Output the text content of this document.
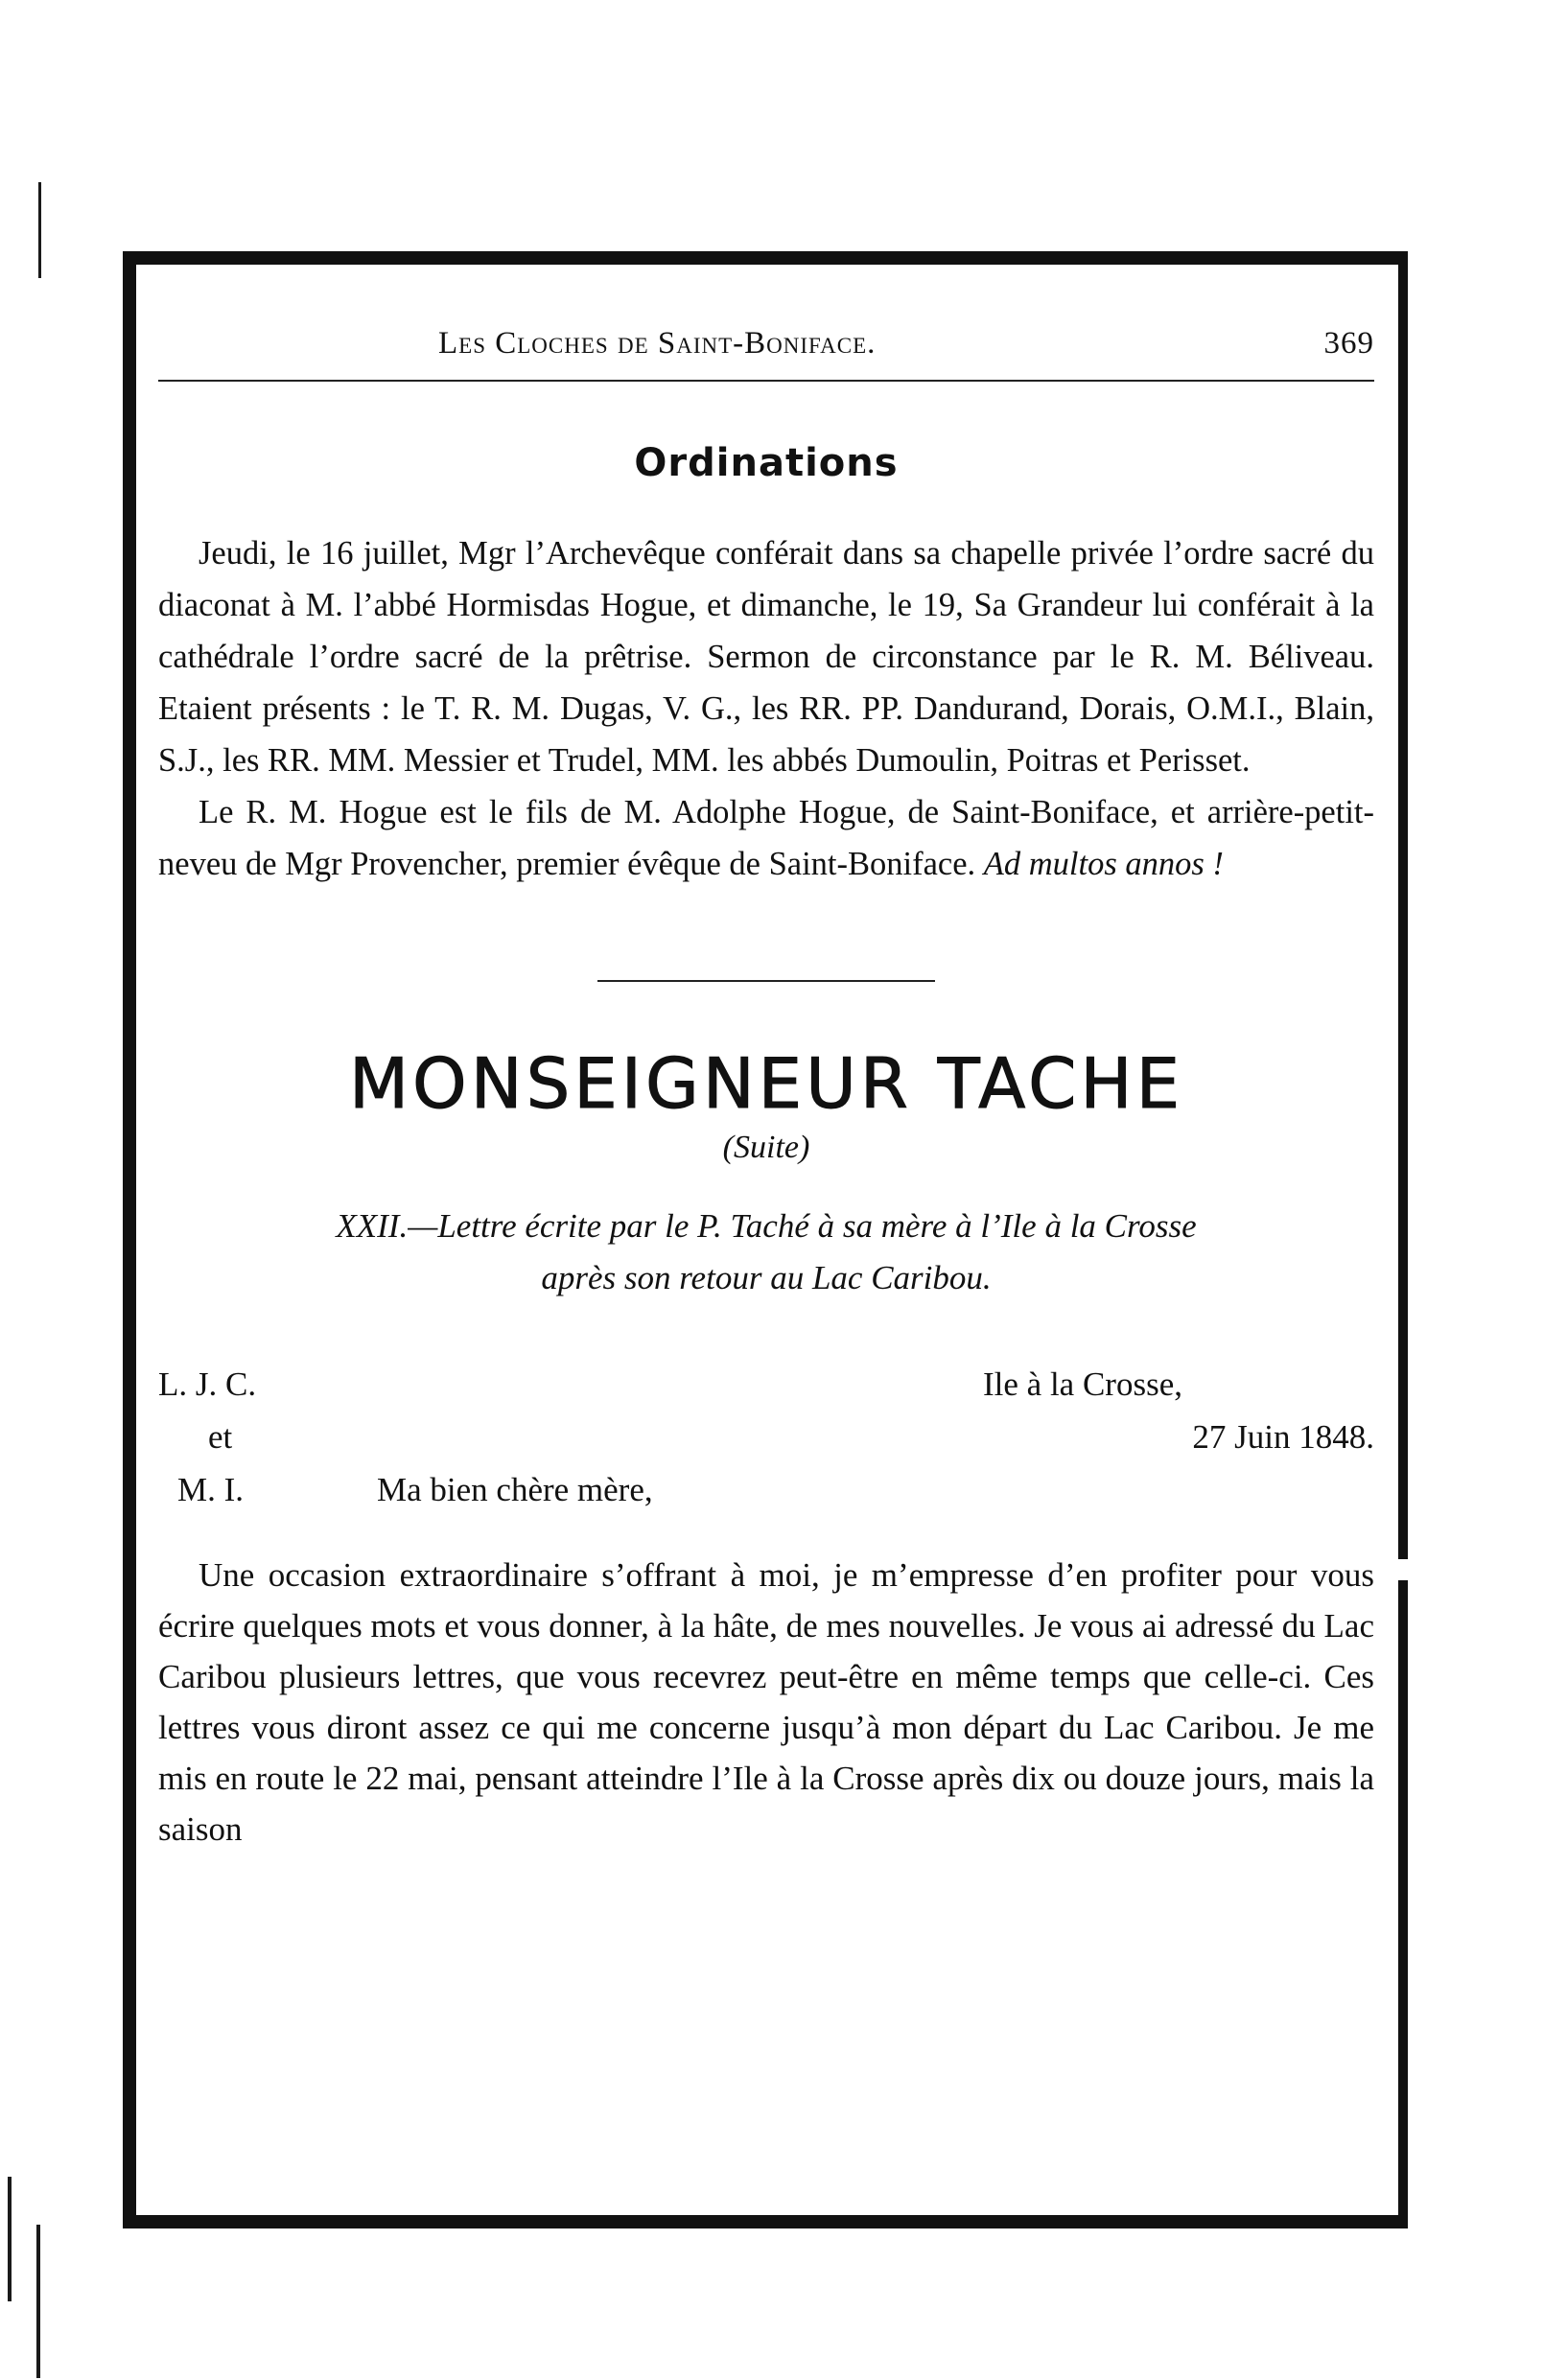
Les Cloches de Saint-Boniface.	369
Ordinations

Jeudi, le 16 juillet, Mgr l’Archevêque conférait dans sa chapelle privée l’ordre sacré du diaconat à M. l’abbé Hormisdas Hogue, et dimanche, le 19, Sa Grandeur lui conférait à la cathédrale l’ordre sacré de la prêtrise. Sermon de circonstance par le R. M. Béliveau. Etaient présents : le T. R. M. Dugas, V. G., les RR. PP. Dandurand, Dorais, O.M.I., Blain, S.J., les RR. MM. Messier et Trudel, MM. les abbés Dumoulin, Poitras et Perisset.

Le R. M. Hogue est le fils de M. Adolphe Hogue, de Saint-Boniface, et arrière-petit-neveu de Mgr Provencher, premier évêque de Saint-Boniface. Ad multos annos !

MONSEIGNEUR TACHE
(Suite)
XXII.—Lettre écrite par le P. Taché à sa mère à l’Ile à la Crosse
après son retour au Lac Caribou.
L. J. C.
et
M. I.	Ma bien chère mère,
Ile à la Crosse,
27 Juin 1848.

Une occasion extraordinaire s’offrant à moi, je m’empresse d’en profiter pour vous écrire quelques mots et vous donner, à la hâte, de mes nouvelles. Je vous ai adressé du Lac Caribou plusieurs lettres, que vous recevrez peut-être en même temps que celle-ci. Ces lettres vous diront assez ce qui me concerne jusqu’à mon départ du Lac Caribou. Je me mis en route le 22 mai, pensant atteindre l’Ile à la Crosse après dix ou douze jours, mais la saison
